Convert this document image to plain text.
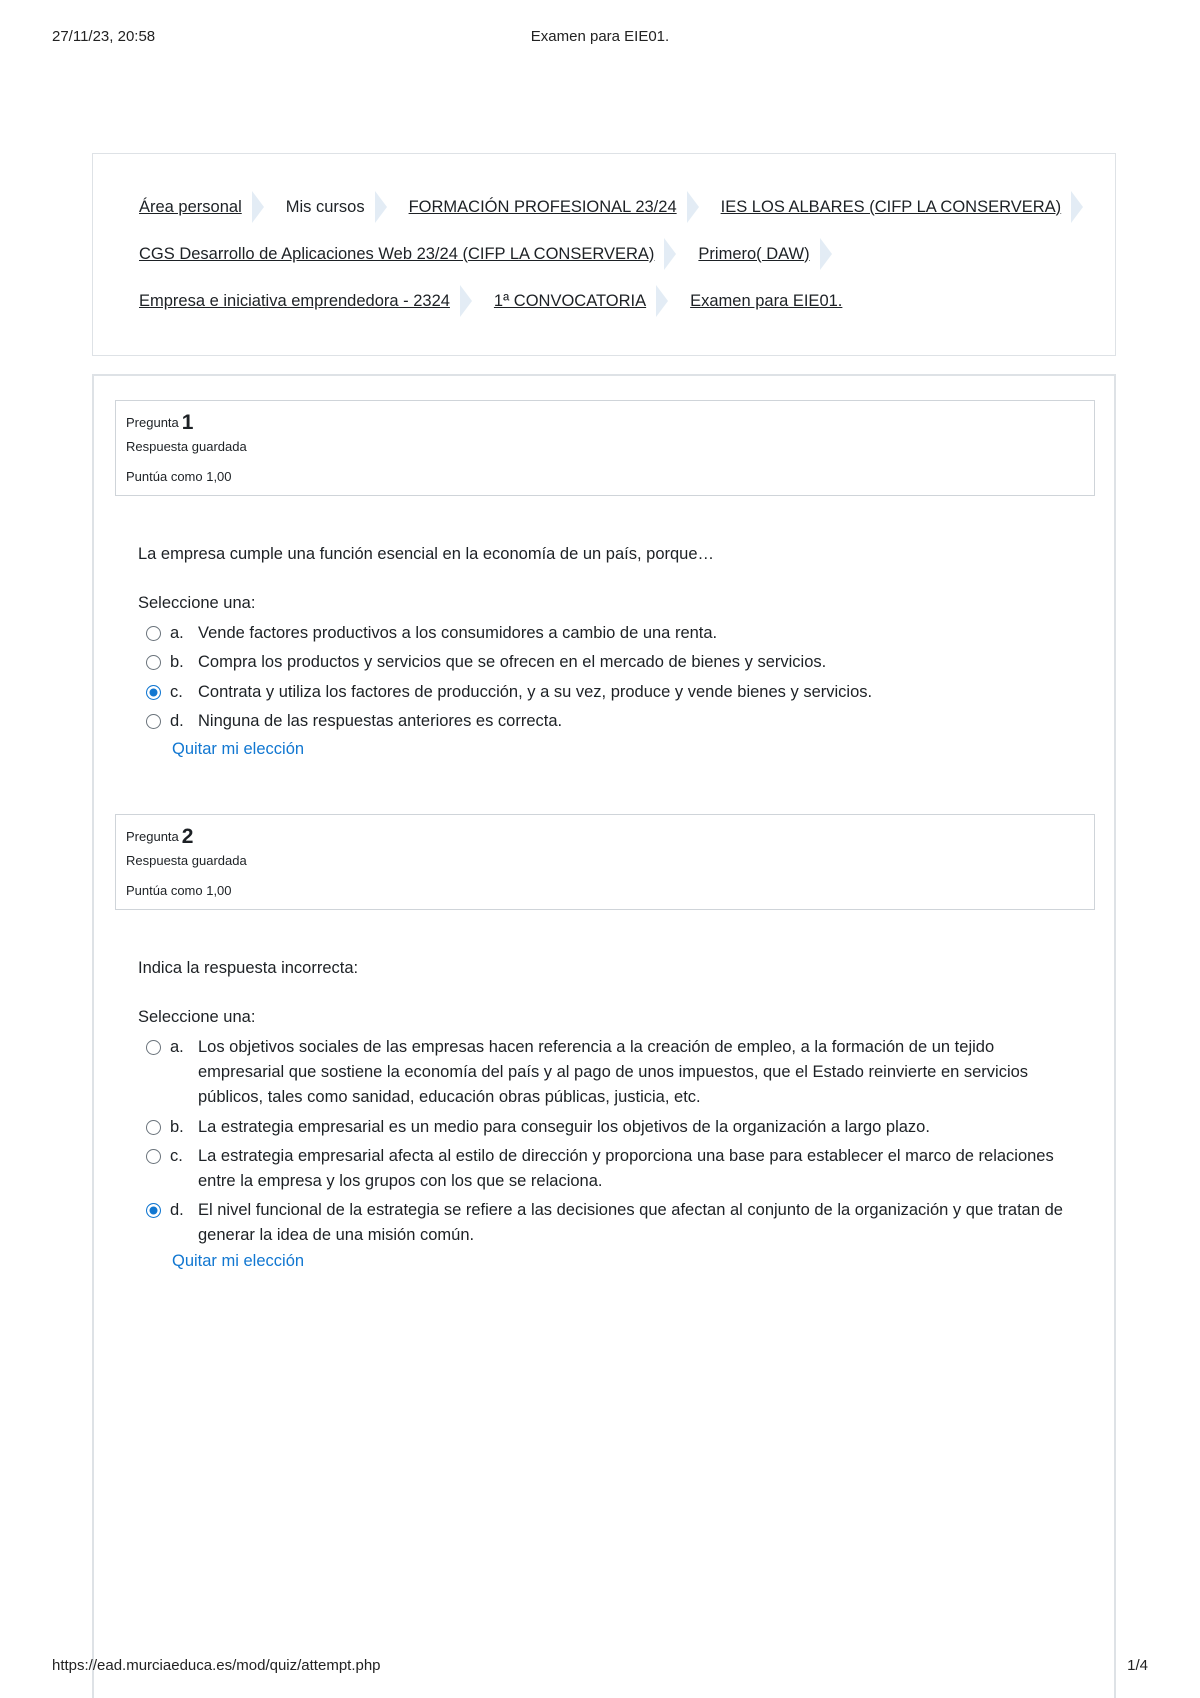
27/11/23, 20:58	Examen para EIE01.
Área personal	Mis cursos	FORMACIÓN PROFESIONAL 23/24	IES LOS ALBARES (CIFP LA CONSERVERA)
CGS Desarrollo de Aplicaciones Web 23/24 (CIFP LA CONSERVERA)	Primero( DAW)
Empresa e iniciativa emprendedora - 2324	1ª CONVOCATORIA	Examen para EIE01.
Pregunta 1
Respuesta guardada
Puntúa como 1,00
La empresa cumple una función esencial en la economía de un país, porque…
Seleccione una:
a. Vende factores productivos a los consumidores a cambio de una renta.
b. Compra los productos y servicios que se ofrecen en el mercado de bienes y servicios.
c. Contrata y utiliza los factores de producción, y a su vez, produce y vende bienes y servicios.
d. Ninguna de las respuestas anteriores es correcta.
Quitar mi elección
Pregunta 2
Respuesta guardada
Puntúa como 1,00
Indica la respuesta incorrecta:
Seleccione una:
a. Los objetivos sociales de las empresas hacen referencia a la creación de empleo, a la formación de un tejido empresarial que sostiene la economía del país y al pago de unos impuestos, que el Estado reinvierte en servicios públicos, tales como sanidad, educación obras públicas, justicia, etc.
b. La estrategia empresarial es un medio para conseguir los objetivos de la organización a largo plazo.
c. La estrategia empresarial afecta al estilo de dirección y proporciona una base para establecer el marco de relaciones entre la empresa y los grupos con los que se relaciona.
d. El nivel funcional de la estrategia se refiere a las decisiones que afectan al conjunto de la organización y que tratan de generar la idea de una misión común.
Quitar mi elección
https://ead.murciaeduca.es/mod/quiz/attempt.php	1/4
